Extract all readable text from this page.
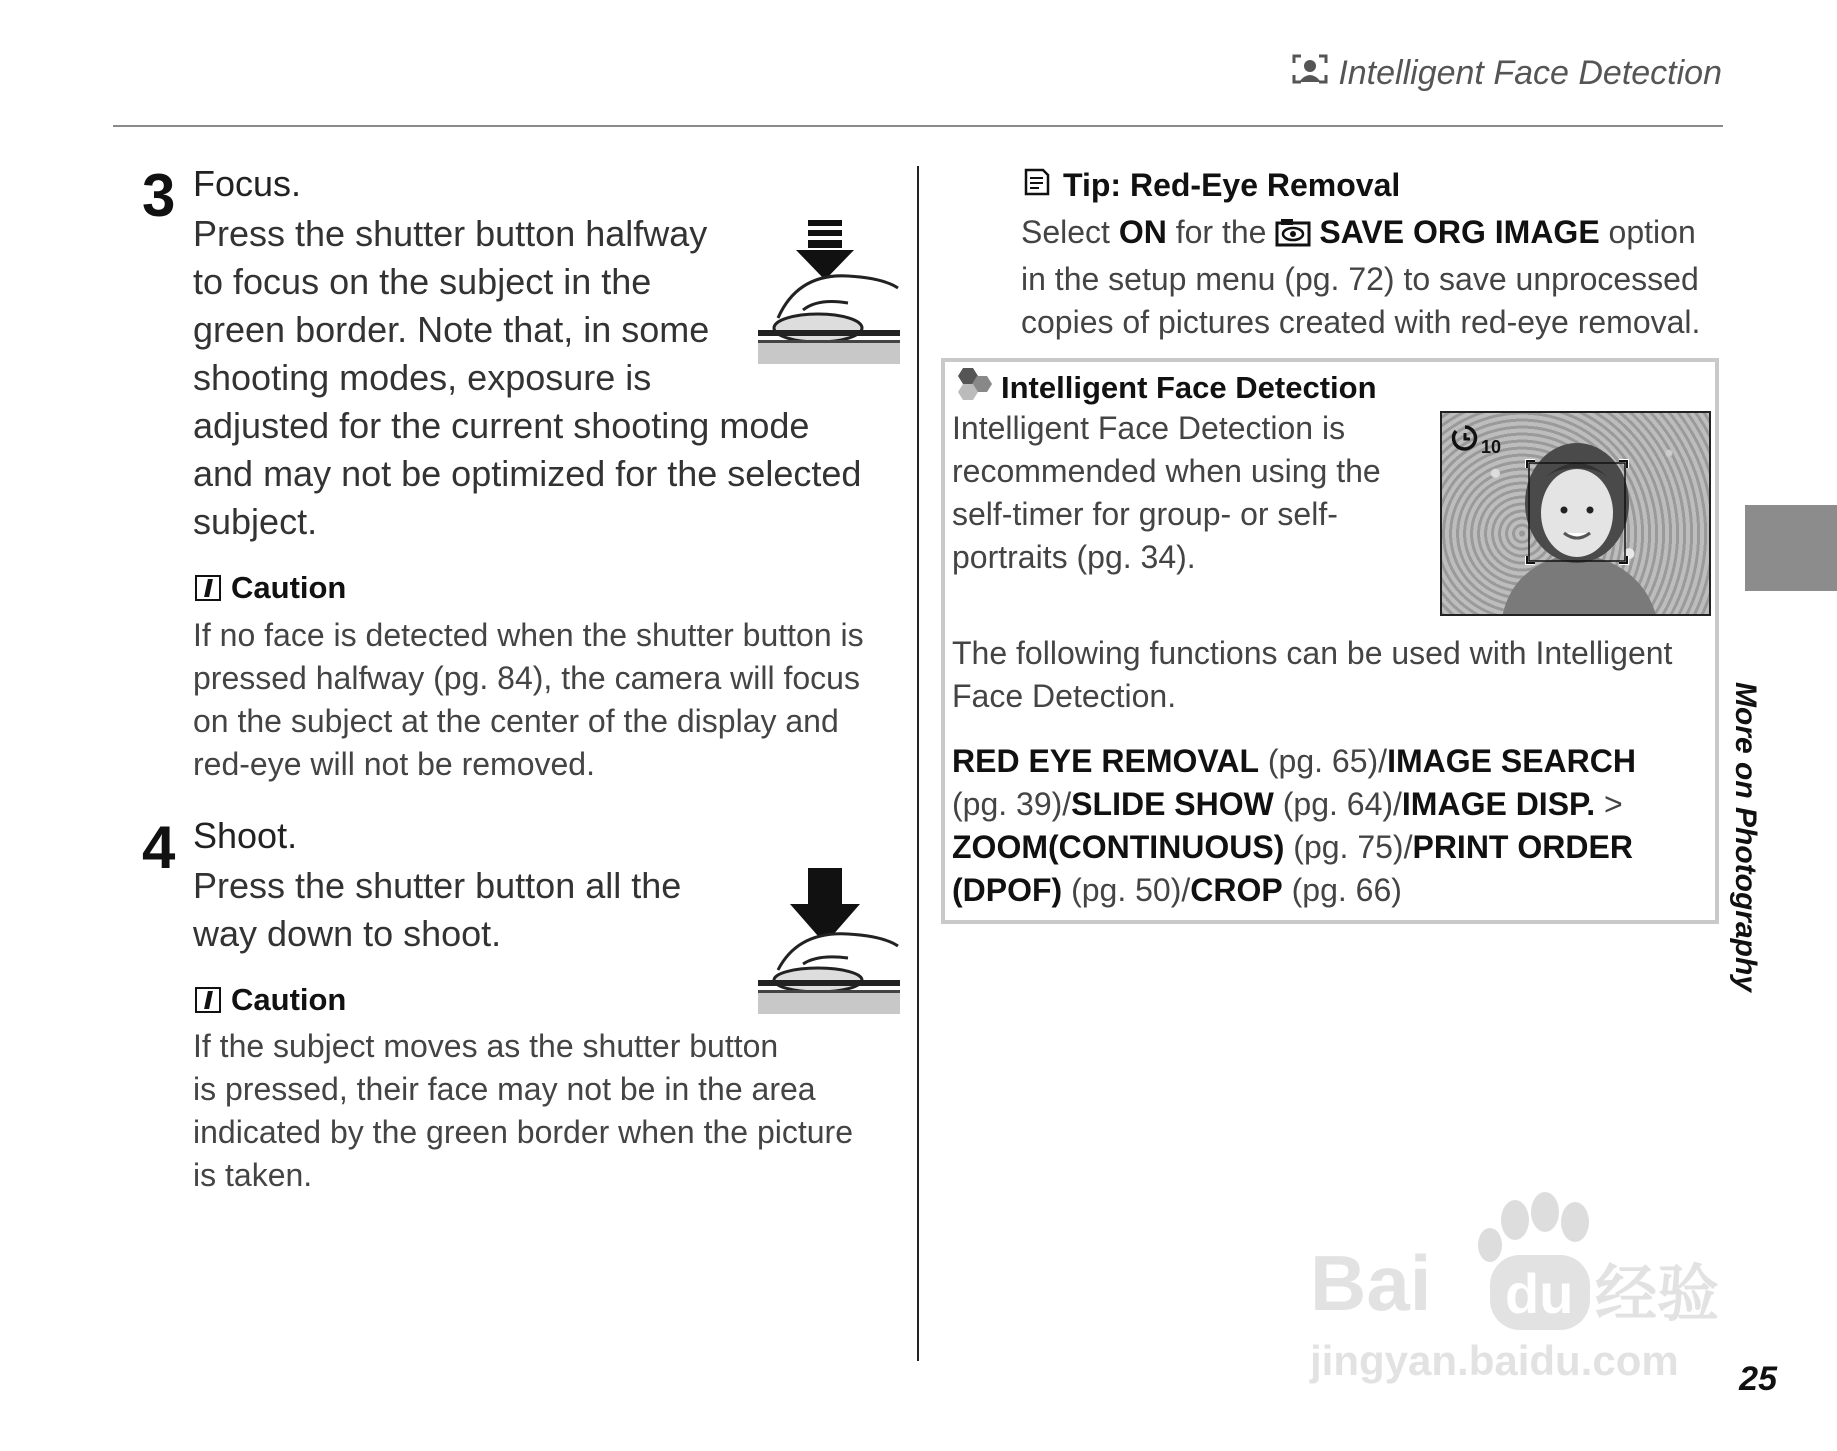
Intelligent Face Detection
3 Focus.
Press the shutter button halfway
to focus on the subject in the
green border. Note that, in some
shooting modes, exposure is
adjusted for the current shooting mode
and may not be optimized for the selected
subject.
Caution
If no face is detected when the shutter button is
pressed halfway (pg. 84), the camera will focus
on the subject at the center of the display and
red-eye will not be removed.
4 Shoot.
Press the shutter button all the
way down to shoot.
Caution
If the subject moves as the shutter button
is pressed, their face may not be in the area
indicated by the green border when the picture
is taken.
Tip: Red-Eye Removal
Select ON for the SAVE ORG IMAGE option
in the setup menu (pg. 72) to save unprocessed
copies of pictures created with red-eye removal.
Intelligent Face Detection
Intelligent Face Detection is
recommended when using the
self-timer for group- or self-
portraits (pg. 34).
10
The following functions can be used with Intelligent
Face Detection.
RED EYE REMOVAL (pg. 65)/IMAGE SEARCH
(pg. 39)/SLIDE SHOW (pg. 64)/IMAGE DISP. >
ZOOM(CONTINUOUS) (pg. 75)/PRINT ORDER
(DPOF) (pg. 50)/CROP (pg. 66)	More on Photography
Bai du 经验
jingyan.baidu.com 25
